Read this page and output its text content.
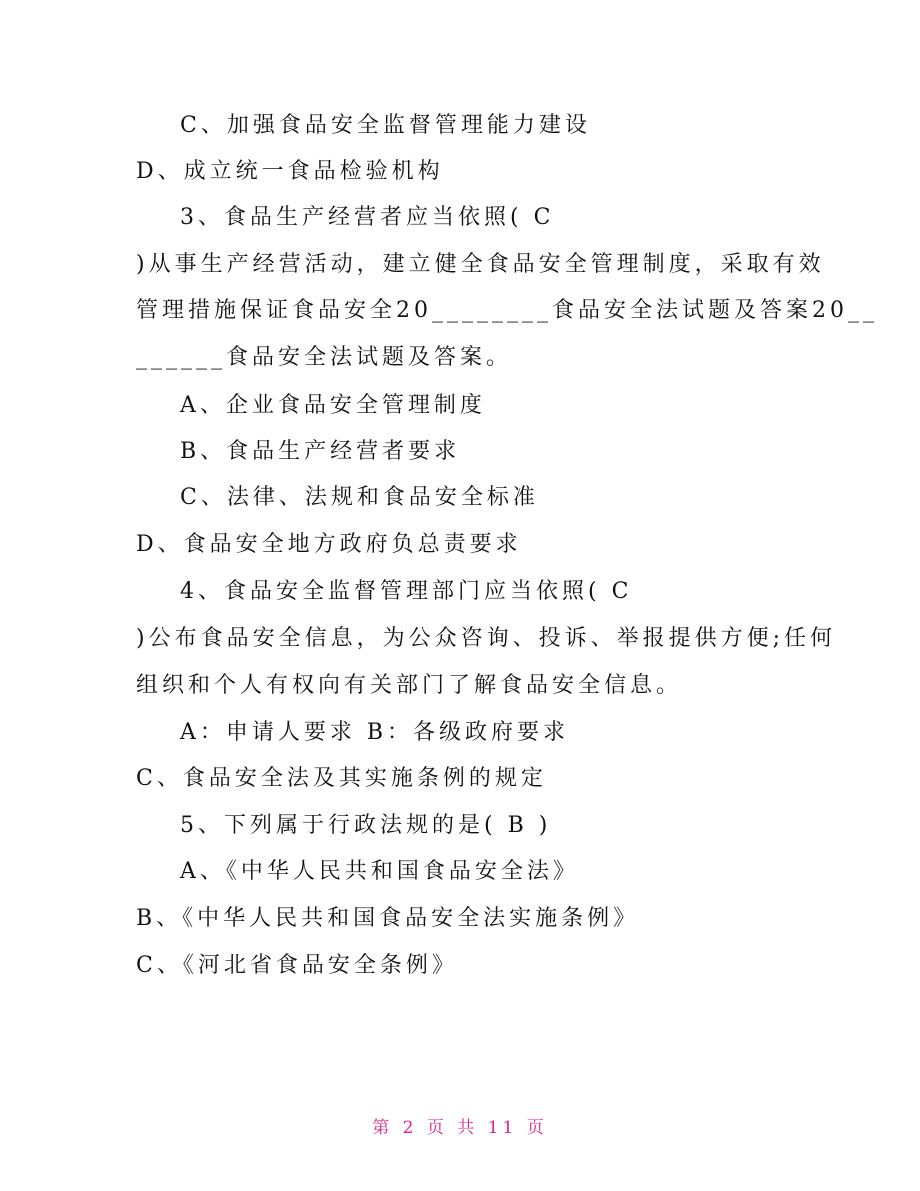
C、加强食品安全监督管理能力建设
D、成立统一食品检验机构
3、食品生产经营者应当依照( C
)从事生产经营活动，建立健全食品安全管理制度，采取有效
管理措施保证食品安全20________食品安全法试题及答案20__
______食品安全法试题及答案。
A、企业食品安全管理制度
B、食品生产经营者要求
C、法律、法规和食品安全标准
D、食品安全地方政府负总责要求
4、食品安全监督管理部门应当依照( C
)公布食品安全信息，为公众咨询、投诉、举报提供方便;任何
组织和个人有权向有关部门了解食品安全信息。
A：申请人要求 B：各级政府要求
C、食品安全法及其实施条例的规定
5、下列属于行政法规的是( B )
A、《中华人民共和国食品安全法》
B、《中华人民共和国食品安全法实施条例》
C、《河北省食品安全条例》
第 2 页 共 11 页
